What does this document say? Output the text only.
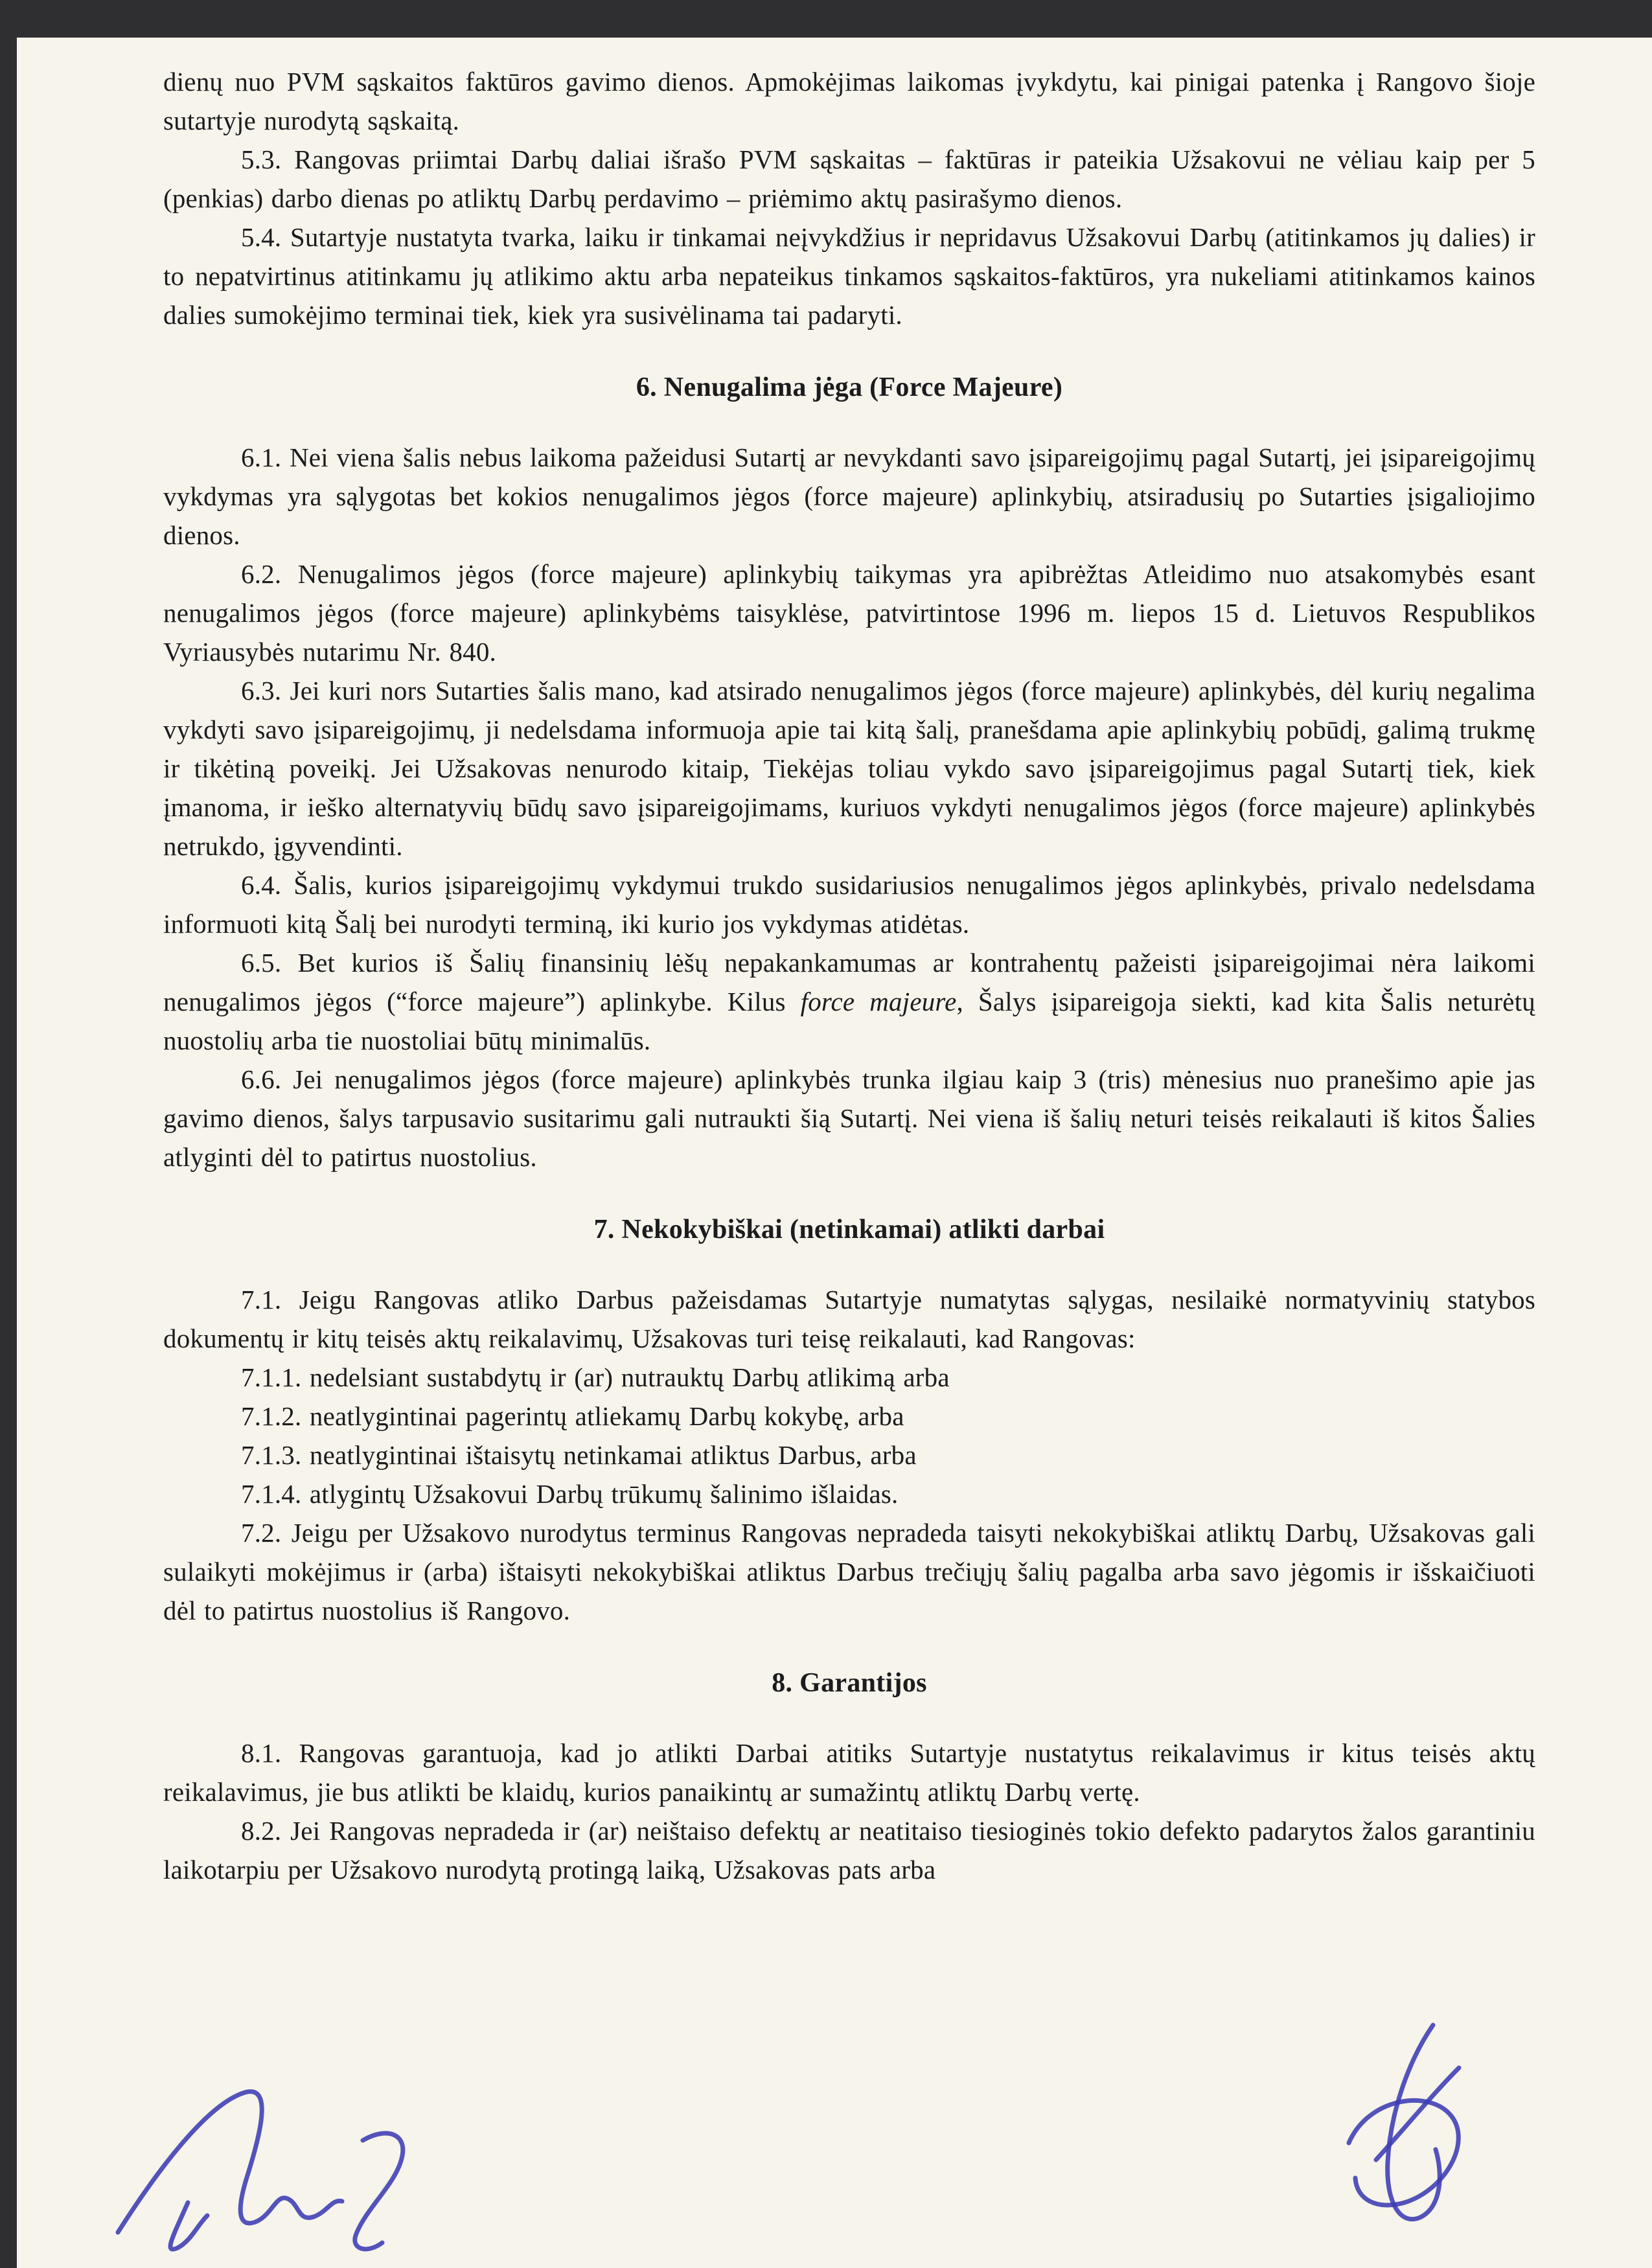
dienų nuo PVM sąskaitos faktūros gavimo dienos. Apmokėjimas laikomas įvykdytu, kai pinigai patenka į Rangovo šioje sutartyje nurodytą sąskaitą.

5.3. Rangovas priimtai Darbų daliai išrašo PVM sąskaitas – faktūras ir pateikia Užsakovui ne vėliau kaip per 5 (penkias) darbo dienas po atliktų Darbų perdavimo – priėmimo aktų pasirašymo dienos.

5.4. Sutartyje nustatyta tvarka, laiku ir tinkamai neįvykdžius ir nepridavus Užsakovui Darbų (atitinkamos jų dalies) ir to nepatvirtinus atitinkamu jų atlikimo aktu arba nepateikus tinkamos sąskaitos-faktūros, yra nukeliami atitinkamos kainos dalies sumokėjimo terminai tiek, kiek yra susivėlinama tai padaryti.

6. Nenugalima jėga (Force Majeure)

6.1. Nei viena šalis nebus laikoma pažeidusi Sutartį ar nevykdanti savo įsipareigojimų pagal Sutartį, jei įsipareigojimų vykdymas yra sąlygotas bet kokios nenugalimos jėgos (force majeure) aplinkybių, atsiradusių po Sutarties įsigaliojimo dienos.

6.2. Nenugalimos jėgos (force majeure) aplinkybių taikymas yra apibrėžtas Atleidimo nuo atsakomybės esant nenugalimos jėgos (force majeure) aplinkybėms taisyklėse, patvirtintose 1996 m. liepos 15 d. Lietuvos Respublikos Vyriausybės nutarimu Nr. 840.

6.3. Jei kuri nors Sutarties šalis mano, kad atsirado nenugalimos jėgos (force majeure) aplinkybės, dėl kurių negalima vykdyti savo įsipareigojimų, ji nedelsdama informuoja apie tai kitą šalį, pranešdama apie aplinkybių pobūdį, galimą trukmę ir tikėtiną poveikį. Jei Užsakovas nenurodo kitaip, Tiekėjas toliau vykdo savo įsipareigojimus pagal Sutartį tiek, kiek įmanoma, ir ieško alternatyvių būdų savo įsipareigojimams, kuriuos vykdyti nenugalimos jėgos (force majeure) aplinkybės netrukdo, įgyvendinti.

6.4. Šalis, kurios įsipareigojimų vykdymui trukdo susidariusios nenugalimos jėgos aplinkybės, privalo nedelsdama informuoti kitą Šalį bei nurodyti terminą, iki kurio jos vykdymas atidėtas.

6.5. Bet kurios iš Šalių finansinių lėšų nepakankamumas ar kontrahentų pažeisti įsipareigojimai nėra laikomi nenugalimos jėgos (“force majeure”) aplinkybe. Kilus force majeure, Šalys įsipareigoja siekti, kad kita Šalis neturėtų nuostolių arba tie nuostoliai būtų minimalūs.

6.6. Jei nenugalimos jėgos (force majeure) aplinkybės trunka ilgiau kaip 3 (tris) mėnesius nuo pranešimo apie jas gavimo dienos, šalys tarpusavio susitarimu gali nutraukti šią Sutartį. Nei viena iš šalių neturi teisės reikalauti iš kitos Šalies atlyginti dėl to patirtus nuostolius.

7. Nekokybiškai (netinkamai) atlikti darbai

7.1. Jeigu Rangovas atliko Darbus pažeisdamas Sutartyje numatytas sąlygas, nesilaikė normatyvinių statybos dokumentų ir kitų teisės aktų reikalavimų, Užsakovas turi teisę reikalauti, kad Rangovas:

7.1.1. nedelsiant sustabdytų ir (ar) nutrauktų Darbų atlikimą arba

7.1.2. neatlygintinai pagerintų atliekamų Darbų kokybę, arba

7.1.3. neatlygintinai ištaisytų netinkamai atliktus Darbus, arba

7.1.4. atlygintų Užsakovui Darbų trūkumų šalinimo išlaidas.

7.2. Jeigu per Užsakovo nurodytus terminus Rangovas nepradeda taisyti nekokybiškai atliktų Darbų, Užsakovas gali sulaikyti mokėjimus ir (arba) ištaisyti nekokybiškai atliktus Darbus trečiųjų šalių pagalba arba savo jėgomis ir išskaičiuoti dėl to patirtus nuostolius iš Rangovo.

8. Garantijos

8.1. Rangovas garantuoja, kad jo atlikti Darbai atitiks Sutartyje nustatytus reikalavimus ir kitus teisės aktų reikalavimus, jie bus atlikti be klaidų, kurios panaikintų ar sumažintų atliktų Darbų vertę.

8.2. Jei Rangovas nepradeda ir (ar) neištaiso defektų ar neatitaiso tiesioginės tokio defekto padarytos žalos garantiniu laikotarpiu per Užsakovo nurodytą protingą laiką, Užsakovas pats arba
